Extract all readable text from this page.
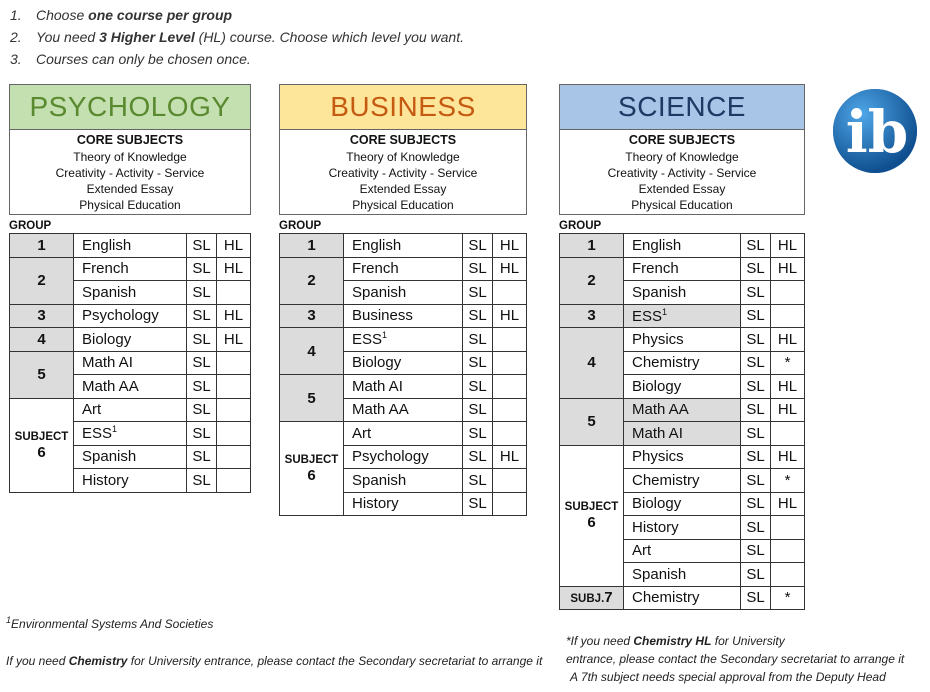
1. Choose one course per group
2. You need 3 Higher Level (HL) course. Choose which level you want.
3. Courses can only be chosen once.
PSYCHOLOGY
CORE SUBJECTS
Theory of Knowledge
Creativity - Activity - Service
Extended Essay
Physical Education
GROUP
1	English	SL	HL
2	French	SL	HL
	Spanish	SL	
3	Psychology	SL	HL
4	Biology	SL	HL
5	Math AI	SL	
	Math AA	SL	
SUBJECT
6	Art	SL	
	ESS$^1$	SL	
	Spanish	SL	
	History	SL	
BUSINESS
CORE SUBJECTS
Theory of Knowledge
Creativity - Activity - Service
Extended Essay
Physical Education
GROUP
1	English	SL	HL
2	French	SL	HL
	Spanish	SL	
3	Business	SL	HL
4	ESS$^1$	SL	
	Biology	SL	
5	Math AI	SL	
	Math AA	SL	
SUBJECT
6	Art	SL	
	Psychology	SL	HL
	Spanish	SL	
	History	SL	
SCIENCE
CORE SUBJECTS
Theory of Knowledge
Creativity - Activity - Service
Extended Essay
Physical Education
GROUP
1	English	SL	HL
2	French	SL	HL
	Spanish	SL	
3	ESS$^1$	SL	
4	Physics	SL	HL
	Chemistry	SL	*
	Biology	SL	HL
5	Math AA	SL	HL
	Math AI	SL	
SUBJECT
6	Physics	SL	HL
	Chemistry	SL	*
	Biology	SL	HL
	History	SL	
	Art	SL	
	Spanish	SL	
SUBJ.7	Chemistry	SL	*
ib
$^1$Environmental Systems And Societies
If you need Chemistry for University entrance, please contact the Secondary secretariat to arrange it
*If you need Chemistry HL for University
entrance, please contact the Secondary secretariat to arrange it
A 7th subject needs special approval from the Deputy Head
